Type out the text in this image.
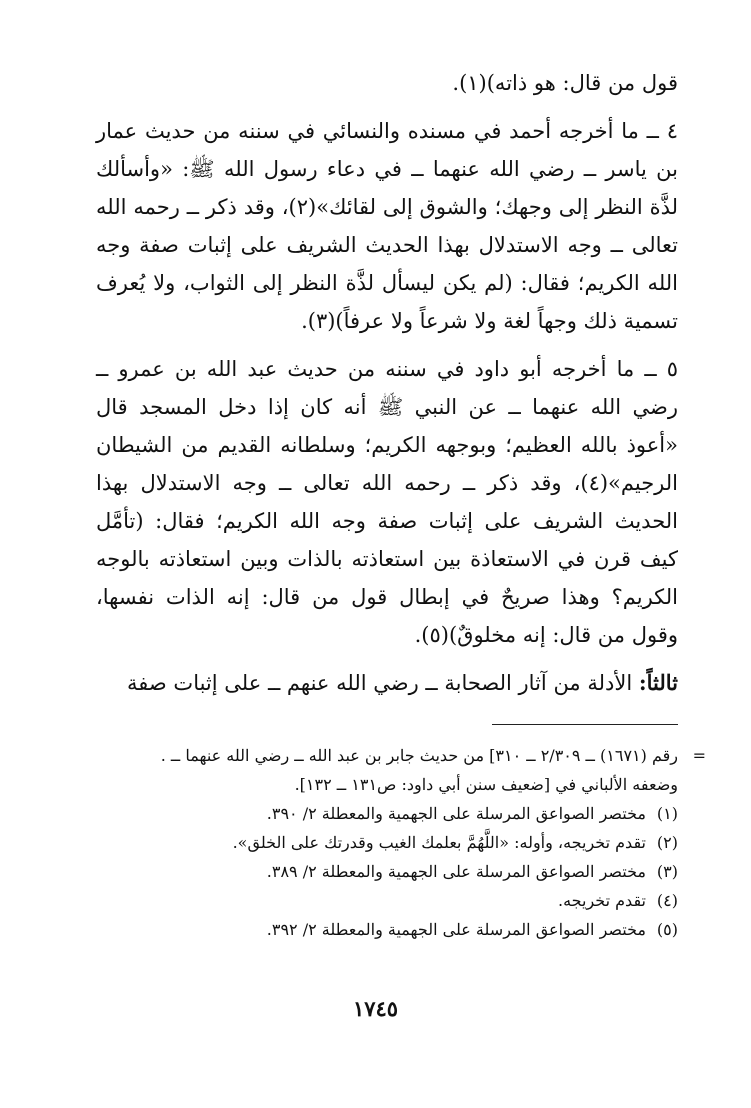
قول من قال: هو ذاته)(١).

٤ ــ ما أخرجه أحمد في مسنده والنسائي في سننه من حديث عمار بن ياسر ــ رضي الله عنهما ــ في دعاء رسول الله ﷺ: «وأسألك لذَّة النظر إلى وجهك؛ والشوق إلى لقائك»(٢)، وقد ذكر ــ رحمه الله تعالى ــ وجه الاستدلال بهذا الحديث الشريف على إثبات صفة وجه الله الكريم؛ فقال: (لم يكن ليسأل لذَّة النظر إلى الثواب، ولا يُعرف تسمية ذلك وجهاً لغة ولا شرعاً ولا عرفاً)(٣).

٥ ــ ما أخرجه أبو داود في سننه من حديث عبد الله بن عمرو ــ رضي الله عنهما ــ عن النبي ﷺ أنه كان إذا دخل المسجد قال «أعوذ بالله العظيم؛ وبوجهه الكريم؛ وسلطانه القديم من الشيطان الرجيم»(٤)، وقد ذكر ــ رحمه الله تعالى ــ وجه الاستدلال بهذا الحديث الشريف على إثبات صفة وجه الله الكريم؛ فقال: (تأمَّل كيف قرن في الاستعاذة بين استعاذته بالذات وبين استعاذته بالوجه الكريم؟ وهذا صريحٌ في إبطال قول من قال: إنه الذات نفسها، وقول من قال: إنه مخلوقٌ)(٥).

ثالثاً: الأدلة من آثار الصحابة ــ رضي الله عنهم ــ على إثبات صفة

=
رقم (١٦٧١) ــ ٢/٣٠٩ ــ ٣١٠] من حديث جابر بن عبد الله ــ رضي الله عنهما ــ .

وضعفه الألباني في [ضعيف سنن أبي داود: ص١٣١ ــ ١٣٢].

(١)
مختصر الصواعق المرسلة على الجهمية والمعطلة ٢/ ٣٩٠.
(٢)
تقدم تخريجه، وأوله: «اللَّهُمَّ بعلمك الغيب وقدرتك على الخلق».
(٣)
مختصر الصواعق المرسلة على الجهمية والمعطلة ٢/ ٣٨٩.
(٤)
تقدم تخريجه.
(٥)
مختصر الصواعق المرسلة على الجهمية والمعطلة ٢/ ٣٩٢.
١٧٤٥
